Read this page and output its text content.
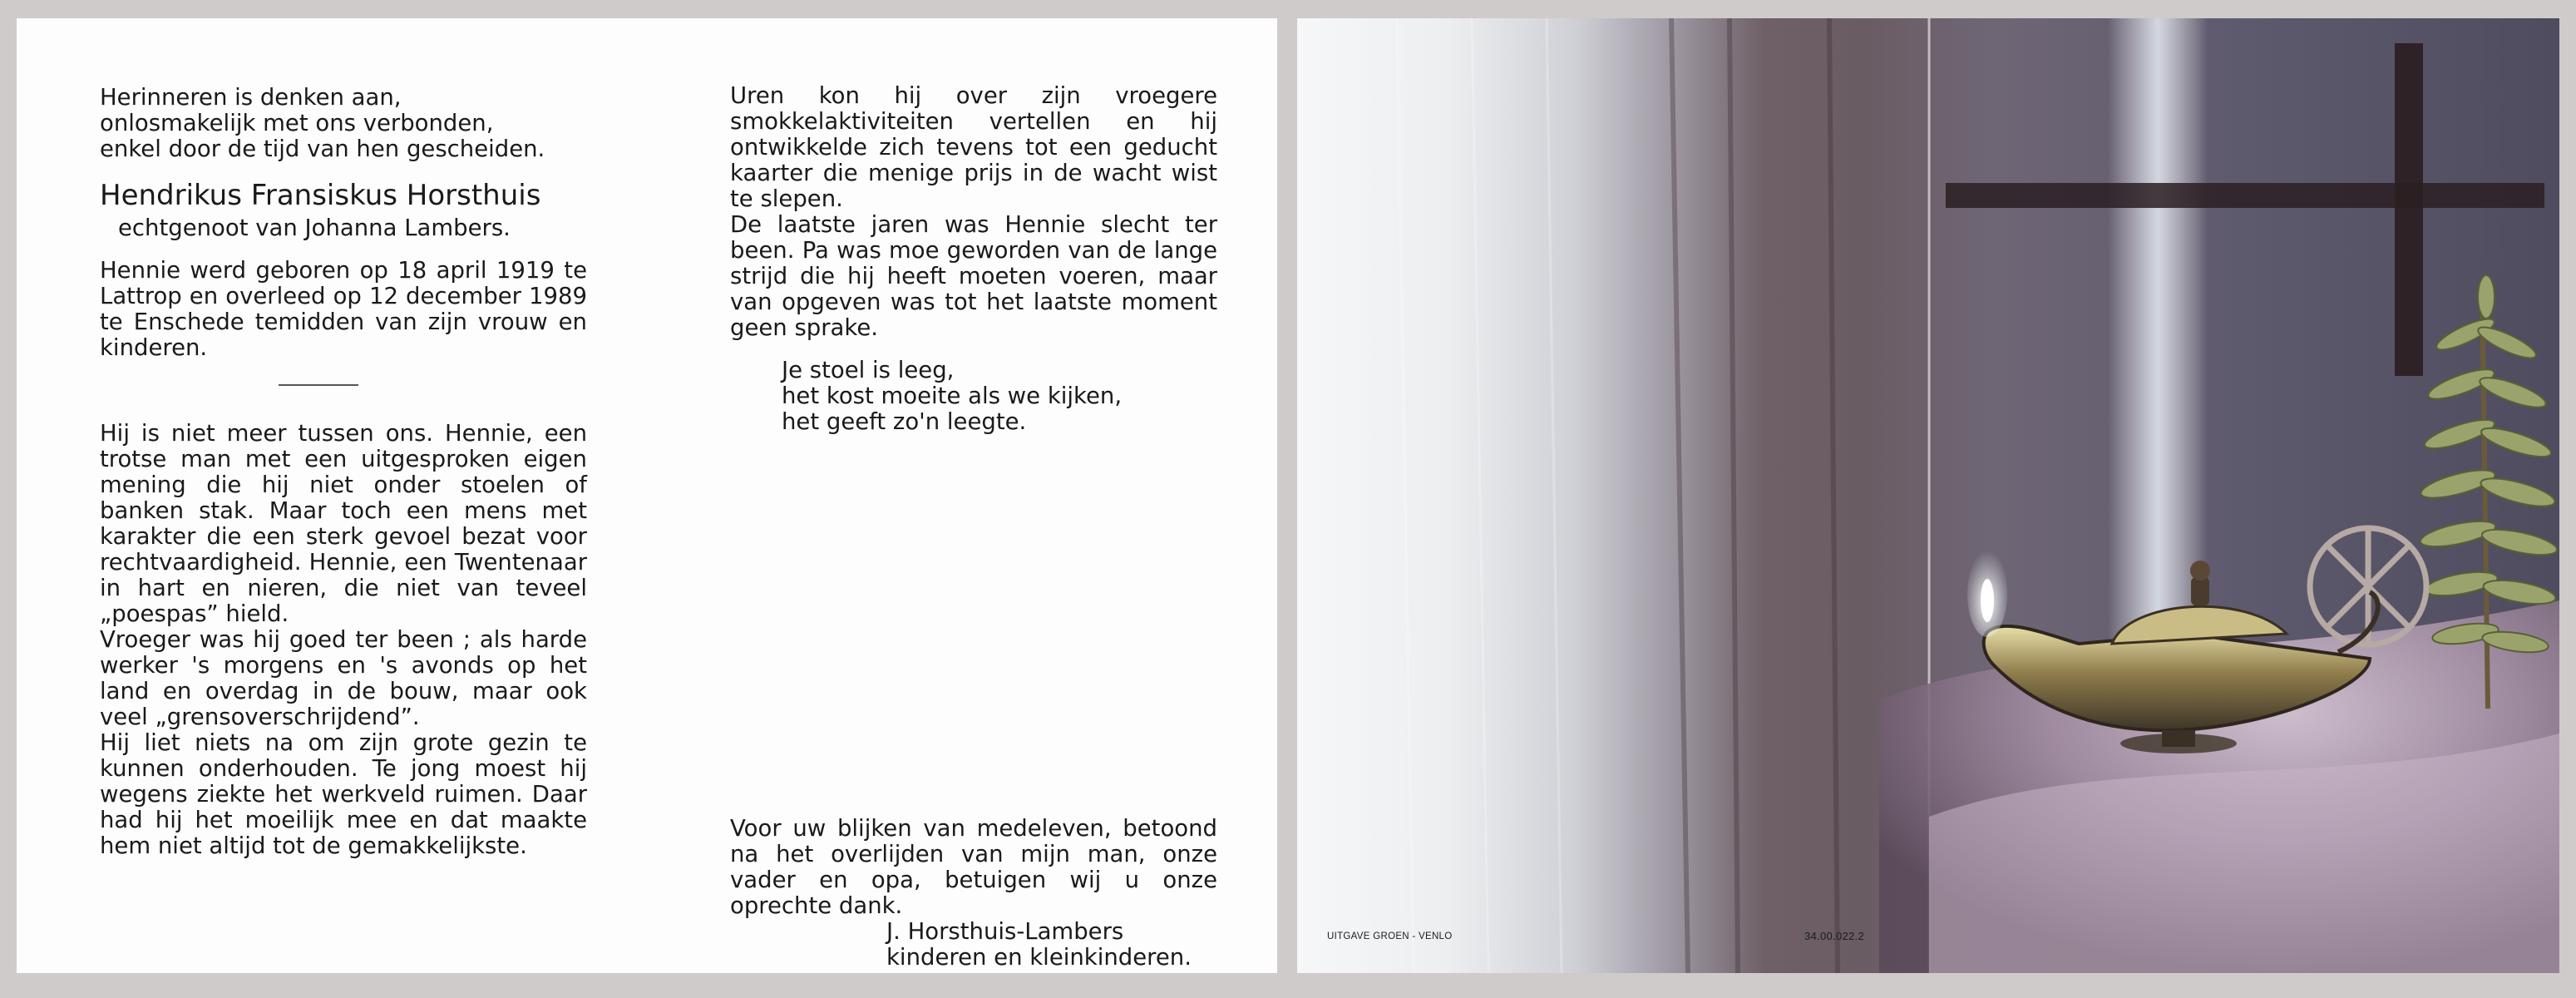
Herinneren is denken aan,
onlosmakelijk met ons verbonden,
enkel door de tijd van hen gescheiden.

Hendrikus Fransiskus Horsthuis

echtgenoot van Johanna Lambers.

Hennie werd geboren op 18 april 1919 te Lattrop en overleed op 12 december 1989 te Enschede temidden van zijn vrouw en kinderen.

Hij is niet meer tussen ons. Hennie, een trotse man met een uitgesproken eigen mening die hij niet onder stoelen of banken stak. Maar toch een mens met karakter die een sterk gevoel bezat voor rechtvaardigheid. Hennie, een Twentenaar in hart en nieren, die niet van teveel „poespas” hield.

Vroeger was hij goed ter been ; als harde werker 's morgens en 's avonds op het land en overdag in de bouw, maar ook veel „grensoverschrijdend”.

Hij liet niets na om zijn grote gezin te kunnen onderhouden. Te jong moest hij wegens ziekte het werkveld ruimen. Daar had hij het moeilijk mee en dat maakte hem niet altijd tot de gemakkelijkste.

Uren kon hij over zijn vroegere smokkelaktiviteiten vertellen en hij ontwikkelde zich tevens tot een geducht kaarter die menige prijs in de wacht wist te slepen.

De laatste jaren was Hennie slecht ter been. Pa was moe geworden van de lange strijd die hij heeft moeten voeren, maar van opgeven was tot het laatste moment geen sprake.

Je stoel is leeg,
het kost moeite als we kijken,
het geeft zo'n leegte.

Voor uw blijken van medeleven, betoond na het overlijden van mijn man, onze vader en opa, betuigen wij u onze oprechte dank.

J. Horsthuis-Lambers

kinderen en kleinkinderen.

UITGAVE GROEN - VENLO	34.00.022.2
